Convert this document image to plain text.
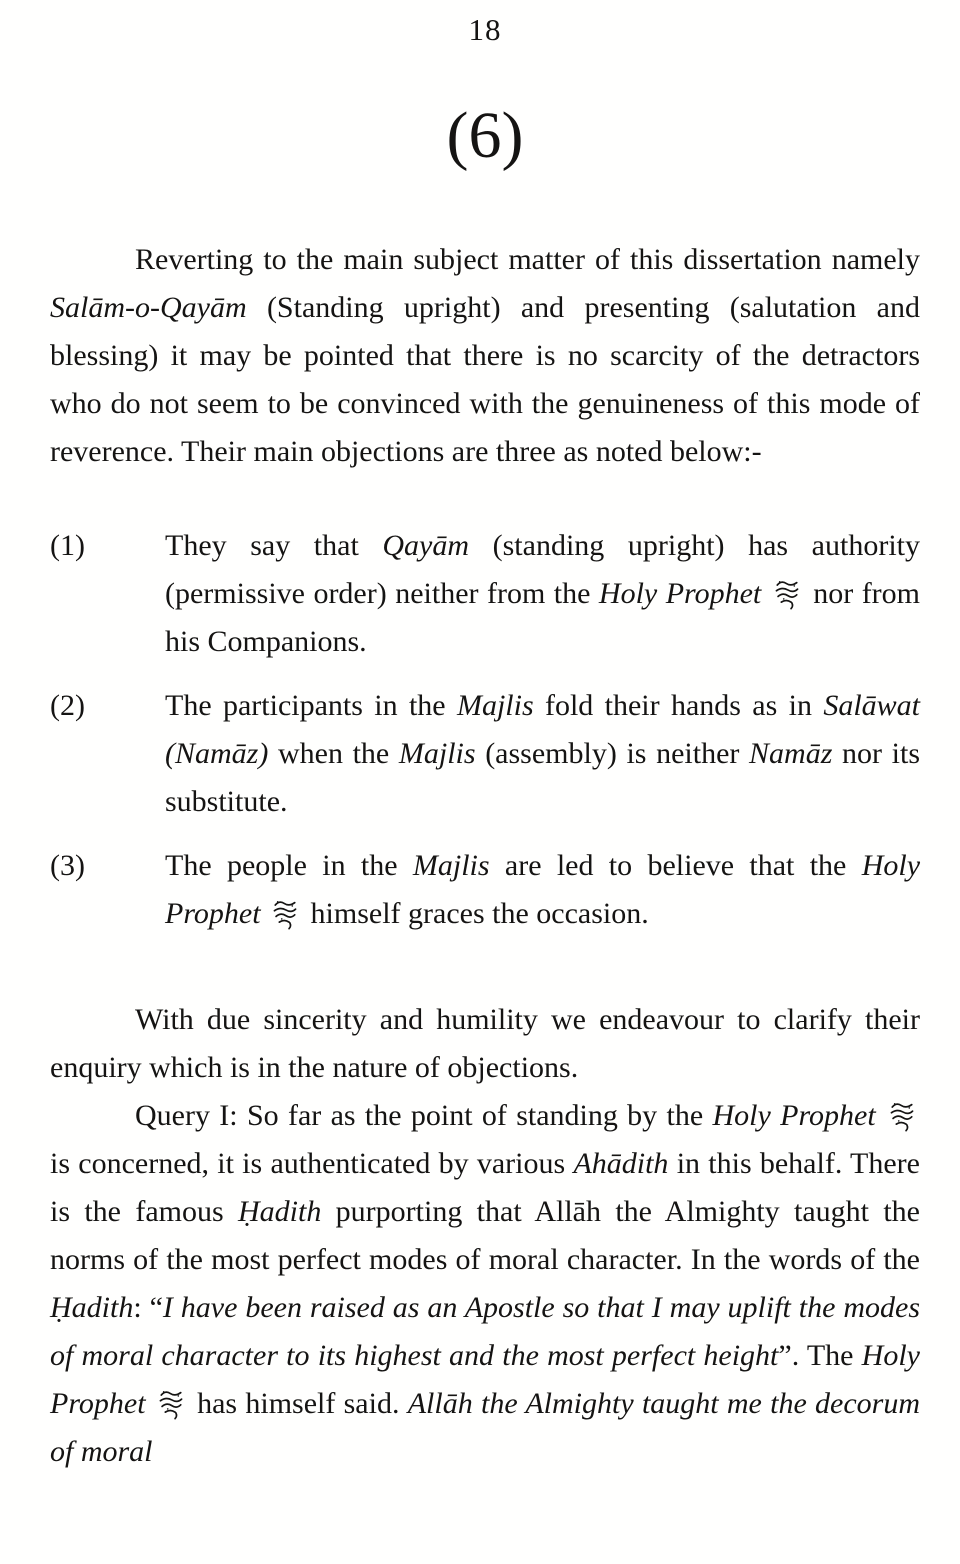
18
(6)

Reverting to the main subject matter of this dissertation namely Salām-o-Qayām (Standing upright) and presenting (salutation and blessing) it may be pointed that there is no scarcity of the detractors who do not seem to be convinced with the genuineness of this mode of reverence. Their main objections are three as noted below:-

(1)	They say that Qayām (standing upright) has authority (permissive order) neither from the Holy Prophet
nor from his Companions.
(2)	The participants in the Majlis fold their hands as in Salāwat (Namāz) when the Majlis (assembly) is neither Namāz nor its substitute.
(3)	The people in the Majlis are led to believe that the Holy Prophet
himself graces the occasion.

With due sincerity and humility we endeavour to clarify their enquiry which is in the nature of objections.

Query I: So far as the point of standing by the Holy Prophet
is concerned, it is authenticated by various Ahādith in this behalf. There is the famous Ḥadith purporting that Allāh the Almighty taught the norms of the most perfect modes of moral character. In the words of the Ḥadith: “I have been raised as an Apostle so that I may uplift the modes of moral character to its highest and the most perfect height”. The Holy Prophet
has himself said. Allāh the Almighty taught me the decorum of moral
